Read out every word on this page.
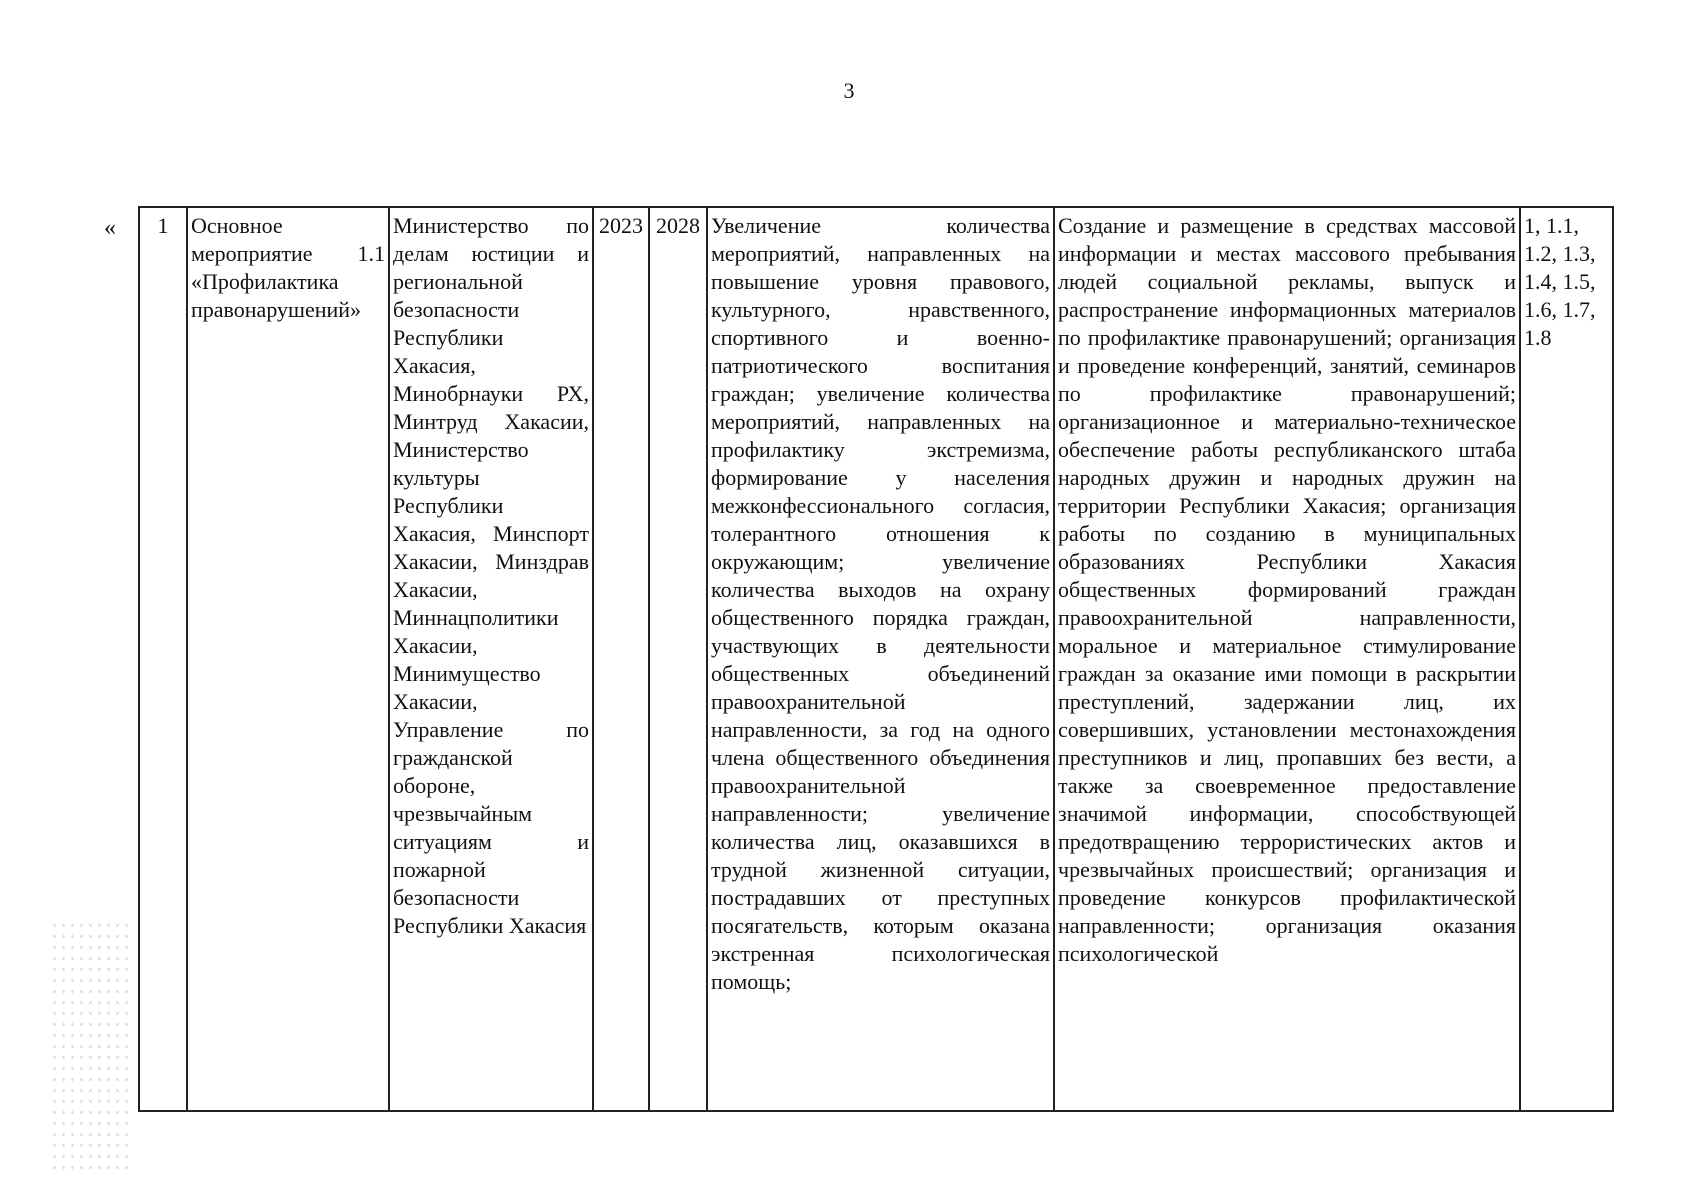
3
« 1	Основное мероприятие 1.1 «Профилактика правонарушений»	Министерство по делам юстиции и региональной безопасности Республики Хакасия, Минобрнауки РХ, Минтруд Хакасии, Министерство культуры Республики Хакасия, Минспорт Хакасии, Минздрав Хакасии, Миннацполитики Хакасии, Минимущество Хакасии, Управление по гражданской обороне, чрезвычайным ситуациям и пожарной безопасности Республики Хакасия	2023	2028	Увеличение количества мероприятий, направленных на повышение уровня правового, культурного, нравственного, спортивного и военно-патриотического воспитания граждан; увеличение количества мероприятий, направленных на профилактику экстремизма, формирование у населения межконфессионального согласия, толерантного отношения к окружающим; увеличение количества выходов на охрану общественного порядка граждан, участвующих в деятельности общественных объединений правоохранительной направленности, за год на одного члена общественного объединения правоохранительной направленности; увеличение количества лиц, оказавшихся в трудной жизненной ситуации, пострадавших от преступных посягательств, которым оказана экстренная психологическая помощь;	Создание и размещение в средствах массовой информации и местах массового пребывания людей социальной рекламы, выпуск и распространение информационных материалов по профилактике правонарушений; организация и проведение конференций, занятий, семинаров по профилактике правонарушений; организационное и материально-техническое обеспечение работы республиканского штаба народных дружин и народных дружин на территории Республики Хакасия; организация работы по созданию в муниципальных образованиях Республики Хакасия общественных формирований граждан правоохранительной направленности, моральное и материальное стимулирование граждан за оказание ими помощи в раскрытии преступлений, задержании лиц, их совершивших, установлении местонахождения преступников и лиц, пропавших без вести, а также за своевременное предоставление значимой информации, способствующей предотвращению террористических актов и чрезвычайных происшествий; организация и проведение конкурсов профилактической направленности; организация оказания психологической	1, 1.1, 1.2, 1.3, 1.4, 1.5, 1.6, 1.7, 1.8
